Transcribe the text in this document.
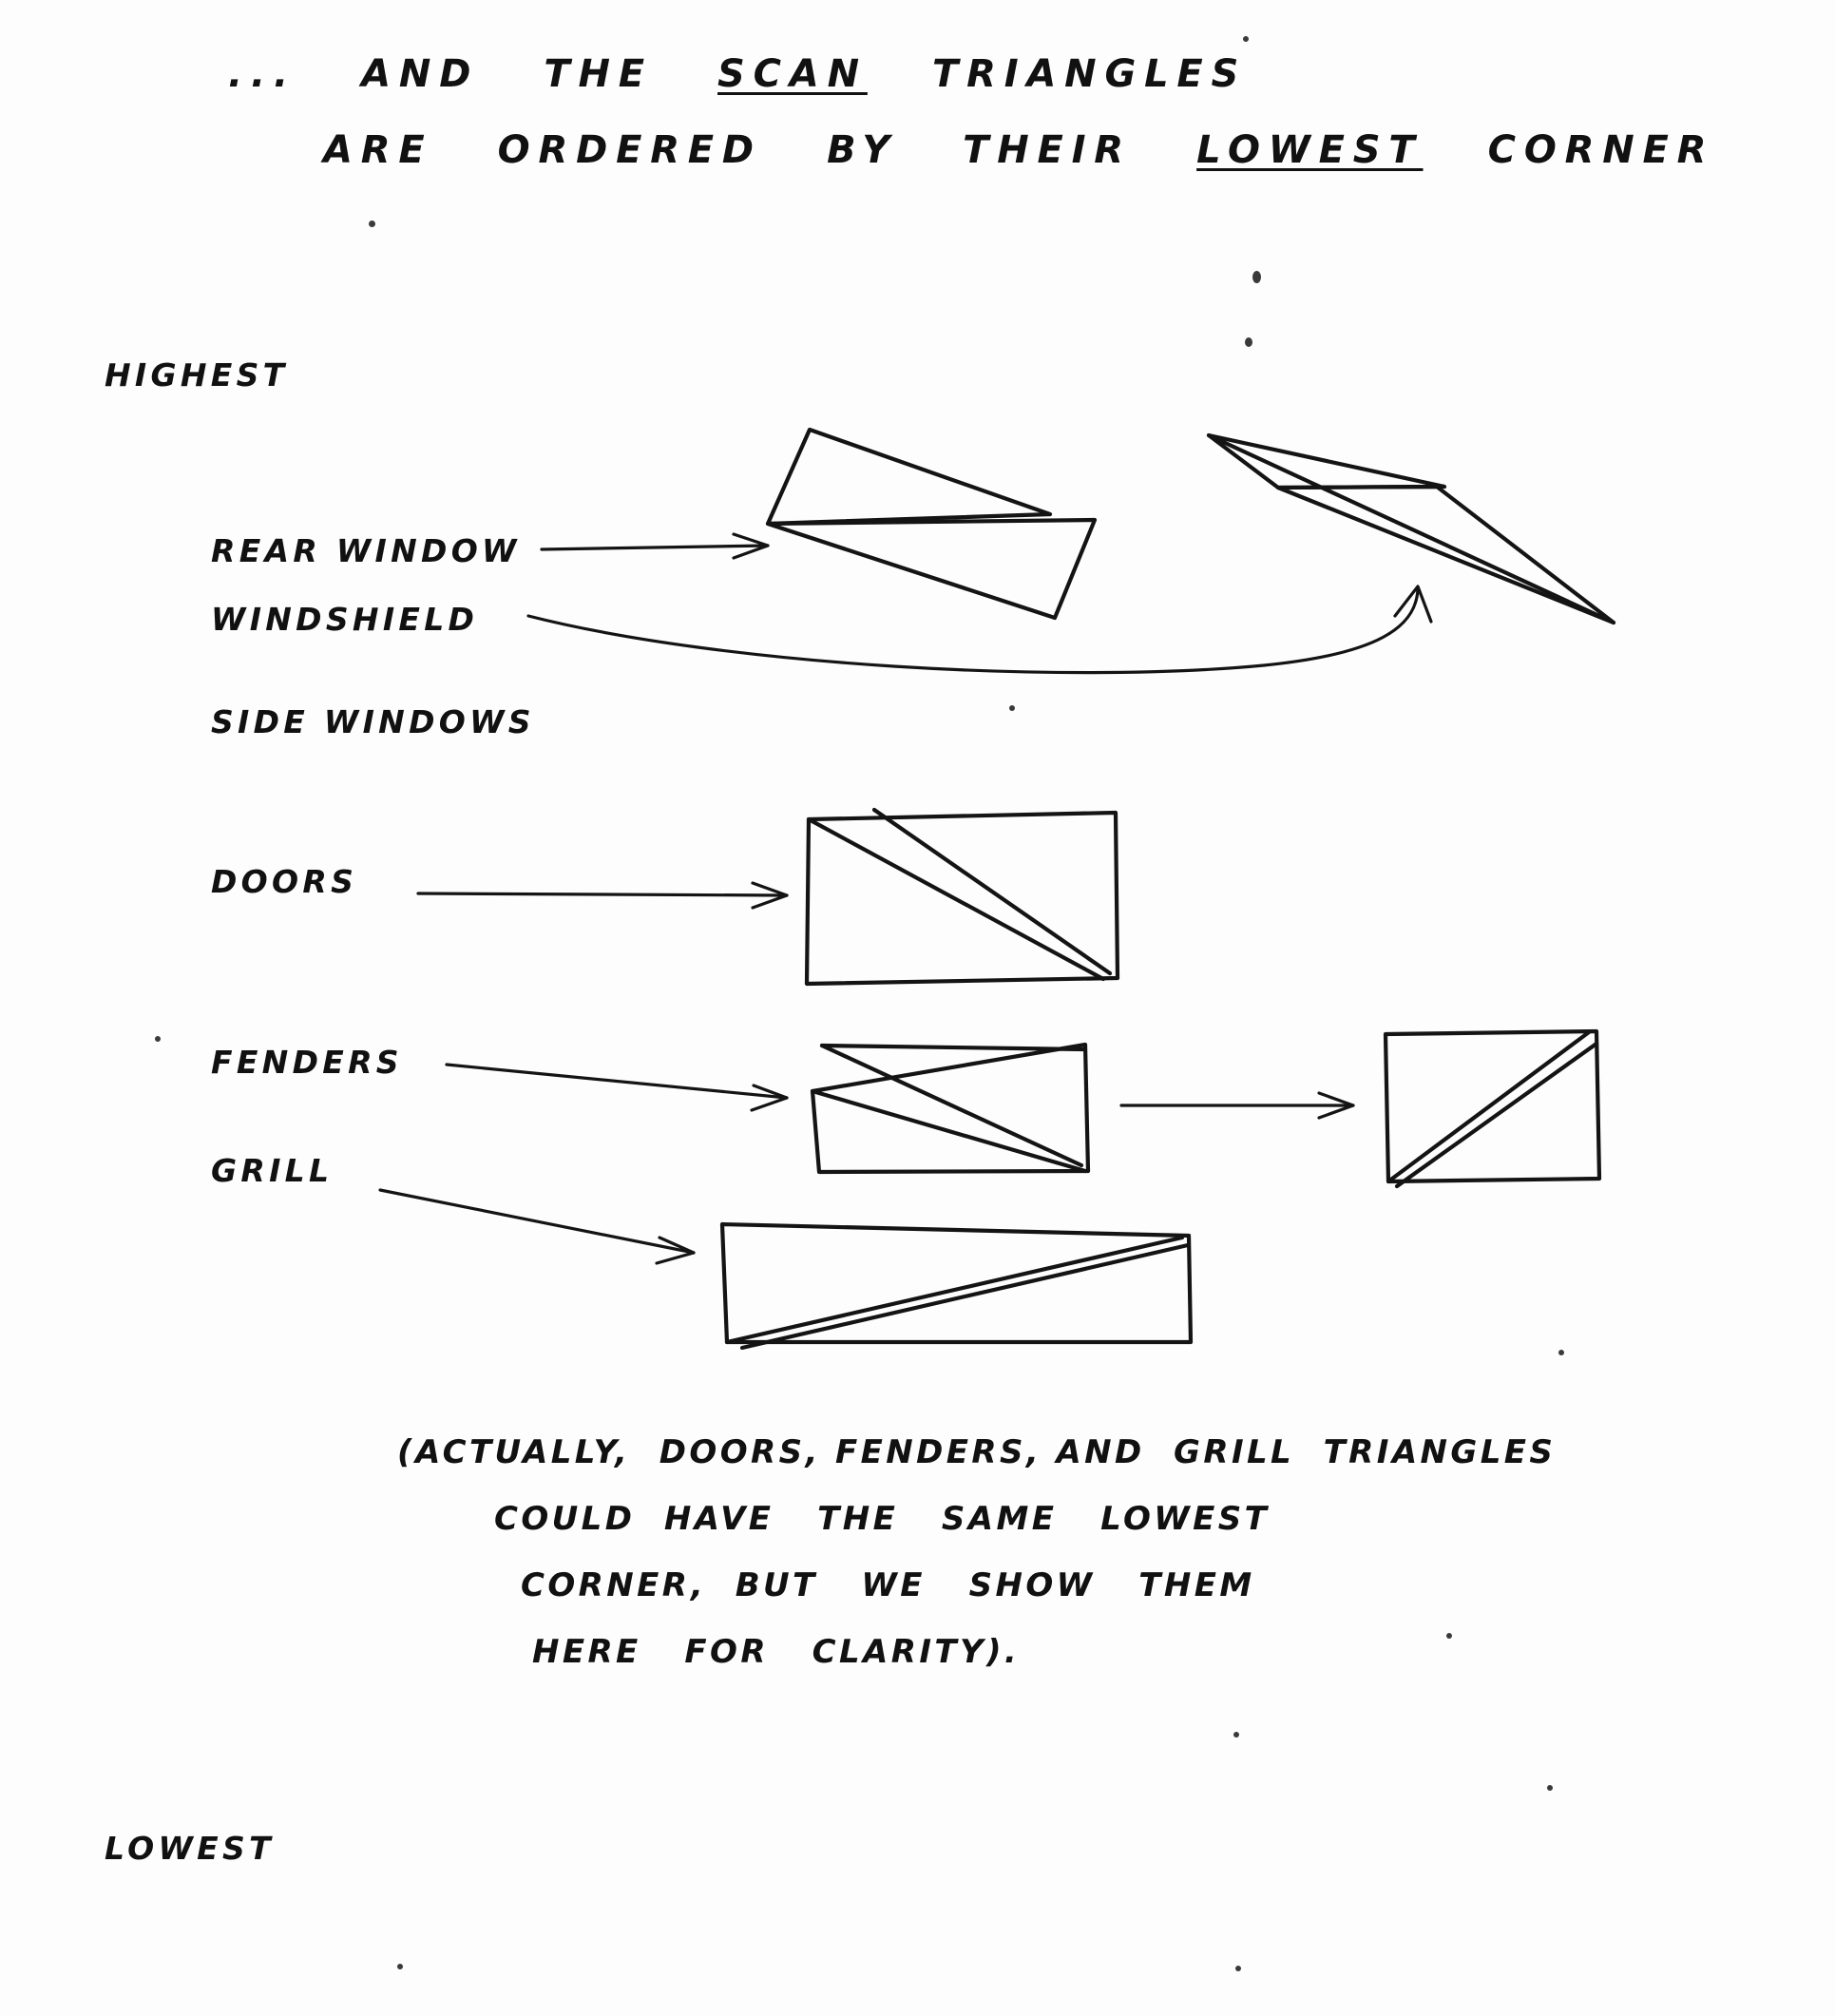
...   AND   THE   SCAN   TRIANGLES
ARE   ORDERED   BY   THEIR   LOWEST   CORNER
HIGHEST
LOWEST
REAR WINDOW
WINDSHIELD
SIDE WINDOWS
DOORS
FENDERS
GRILL
(ACTUALLY,  DOORS, FENDERS, AND  GRILL  TRIANGLES
COULD  HAVE   THE   SAME   LOWEST
CORNER,  BUT   WE   SHOW   THEM
HERE   FOR   CLARITY).
